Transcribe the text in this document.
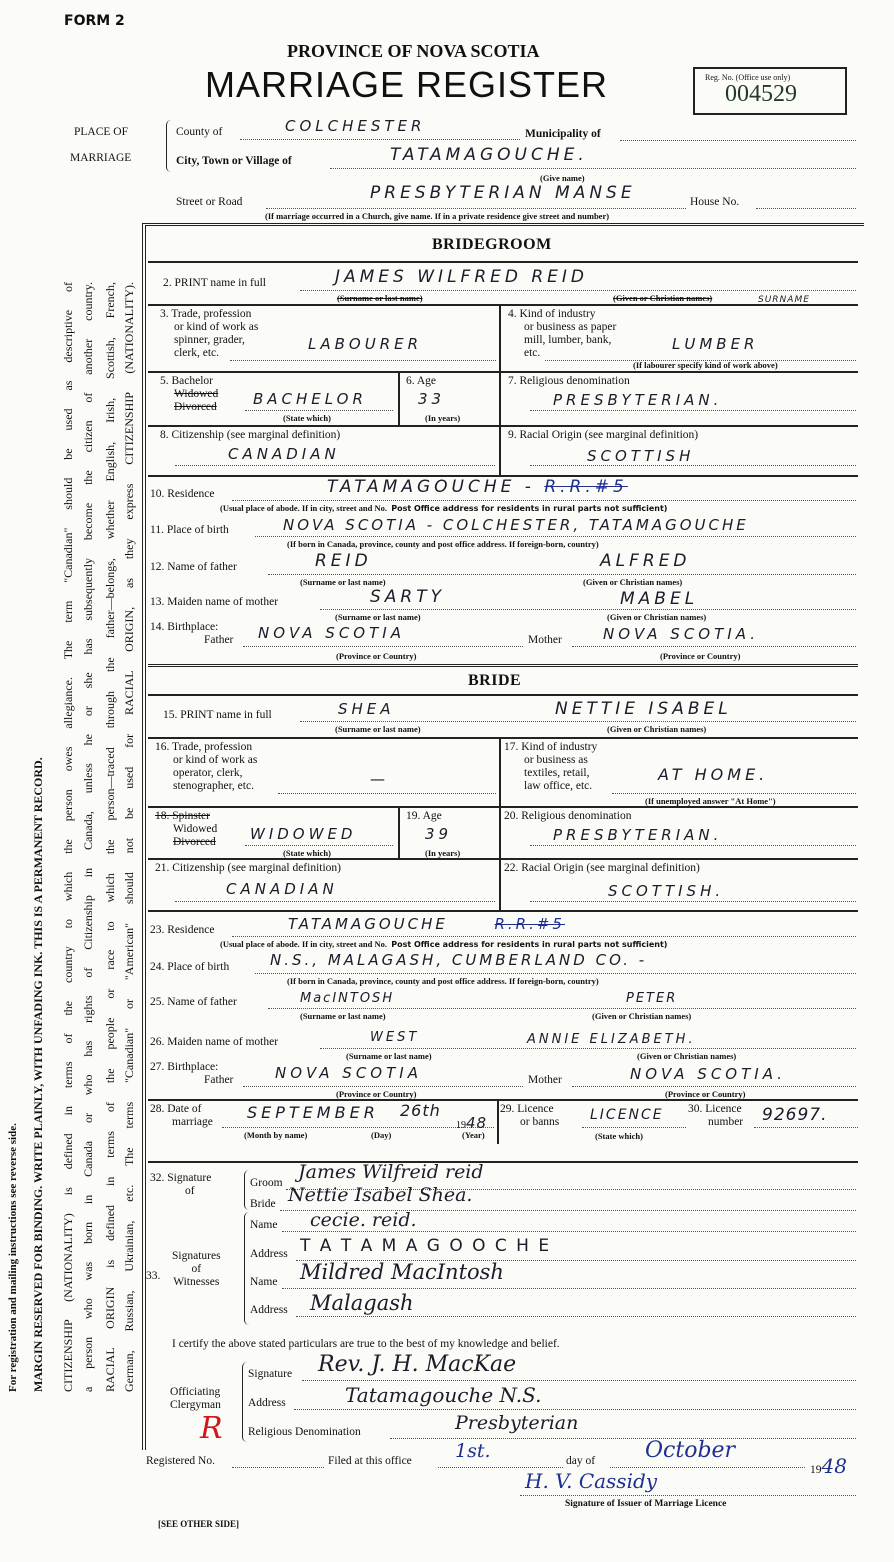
For registration and mailing instructions see reverse side.	MARGIN RESERVED FOR BINDING. WRITE PLAINLY, WITH UNFADING INK. THIS IS A PERMANENT RECORD. CITIZENSHIP (NATIONALITY) is defined in terms of the country to which the person owes allegiance. The term "Canadian" should be used as descriptive of a person who was born in Canada or who has rights of Citizenship in Canada, unless he or she has subsequently become the citizen of another country. RACIAL ORIGIN is defined in terms of the people or race to which the person—traced through the father—belongs, whether English, Irish, Scottish, French, German, Russian, Ukrainian, etc. The terms "Canadian" or "American" should not be used for RACIAL ORIGIN, as they express CITIZENSHIP (NATIONALITY).
FORM 2
PROVINCE OF NOVA SCOTIA
MARRIAGE REGISTER	Reg. No. (Office use only)
004529
PLACE OF
MARRIAGE
County of	COLCHESTER	Municipality of
City, Town or Village of	TATAMAGOUCHE.
(Give name)
Street or Road	PRESBYTERIAN MANSE	House No.
(If marriage occurred in a Church, give name. If in a private residence give street and number)
BRIDEGROOM
2. PRINT name in full	JAMES WILFRED REID
(Surname or last name)	(Given or Christian names)	SURNAME
3. Trade, profession
or kind of work as
spinner, grader,
clerk, etc.	LABOURER
4. Kind of industry
or business as paper
mill, lumber, bank,
etc.	LUMBER
(If labourer specify kind of work above)
5. Bachelor
Widowed
Divorced BACHELOR
(State which)
6. Age
33
(In years)
7. Religious denomination
PRESBYTERIAN.
8. Citizenship (see marginal definition)
CANADIAN
9. Racial Origin (see marginal definition)
SCOTTISH
10. Residence	TATAMAGOUCHE - R.R.#5
(Usual place of abode. If in city, street and No. Post Office address for residents in rural parts not sufficient)
11. Place of birth	NOVA SCOTIA - COLCHESTER, TATAMAGOUCHE
(If born in Canada, province, county and post office address. If foreign-born, country)
12. Name of father	REID	ALFRED
(Surname or last name)	(Given or Christian names)
13. Maiden name of mother	SARTY	MABEL
(Surname or last name)	(Given or Christian names)
14. Birthplace:
Father NOVA SCOTIA	Mother	NOVA SCOTIA.
(Province or Country)	(Province or Country)
BRIDE
15. PRINT name in full	SHEA	NETTIE ISABEL
(Surname or last name)	(Given or Christian names)
16. Trade, profession
or kind of work as
operator, clerk,
stenographer, etc.	—
17. Kind of industry
or business as
textiles, retail,
law office, etc.
AT HOME.
(If unemployed answer "At Home")
18. Spinster
Widowed
Divorced WIDOWED
(State which)
19. Age
39
(In years)
20. Religious denomination
PRESBYTERIAN.
21. Citizenship (see marginal definition)
CANADIAN
22. Racial Origin (see marginal definition)
SCOTTISH.
23. Residence	TATAMAGOUCHE	R.R.#5
(Usual place of abode. If in city, street and No. Post Office address for residents in rural parts not sufficient)
24. Place of birth	N.S., MALAGASH, CUMBERLAND CO. -
(If born in Canada, province, county and post office address. If foreign-born, country)
25. Name of father	MacINTOSH	PETER
(Surname or last name)	(Given or Christian names)
26. Maiden name of mother	WEST	ANNIE ELIZABETH.
(Surname or last name)	(Given or Christian names)
27. Birthplace:
Father	NOVA SCOTIA	Mother	NOVA SCOTIA.
(Province or Country)	(Province or Country)
28. Date of
marriage SEPTEMBER 26th
1948
(Month by name)	(Day)	(Year)
29. Licence
or banns LICENCE
(State which)
30. Licence
number 92697.
32. Signature
of
Groom James Wilfreid reid
Bride Nettie Isabel Shea.
33.
Signatures
of
Witnesses
Name cecie. reid.
Address T A T A M A G O O C H E
Name Mildred MacIntosh
Address Malagash
I certify the above stated particulars are true to the best of my knowledge and belief.
Officiating
Clergyman
Signature Rev. J. H. MacKae
Address	Tatamagouche N.S.
Religious Denomination	Presbyterian
R
Registered No.	Filed at this office 1st.	day of October
1948
H. V. Cassidy
Signature of Issuer of Marriage Licence
[SEE OTHER SIDE]
